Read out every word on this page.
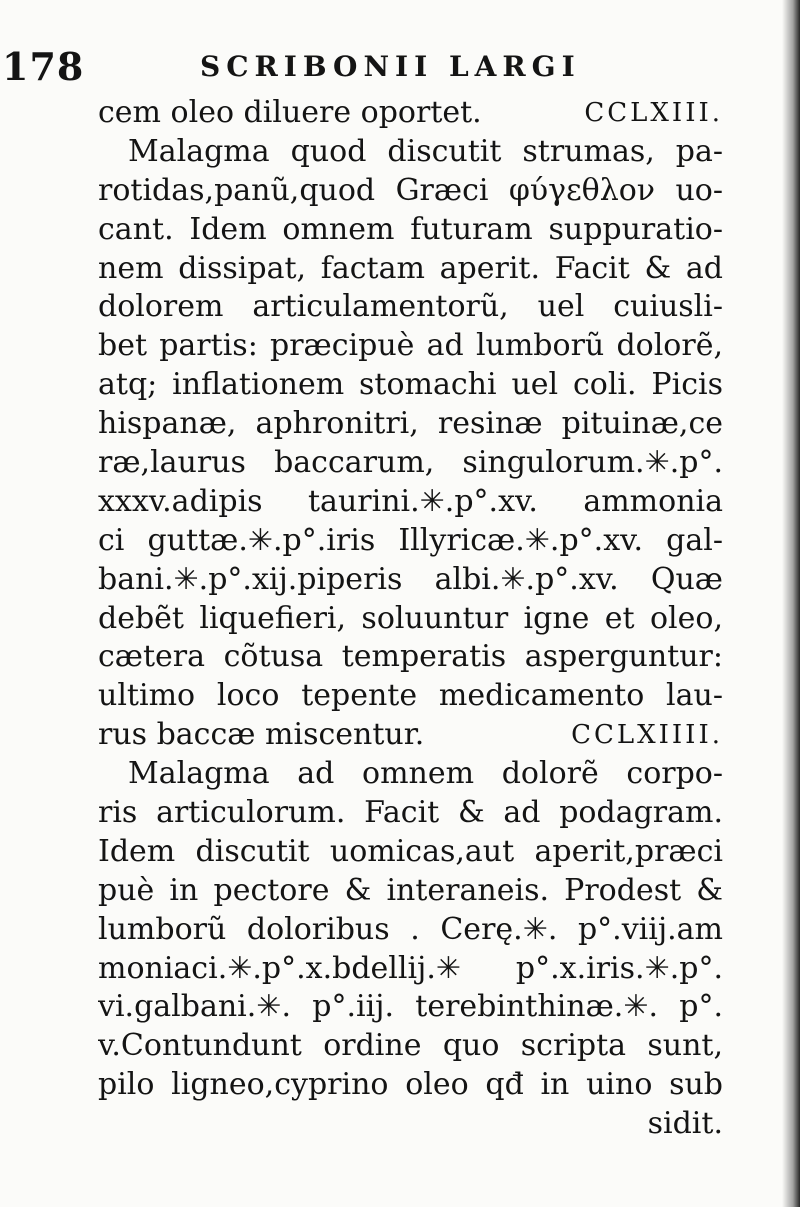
178	SCRIBONII LARGI
cem oleo diluere oportet.	CCLXIII.
Malagma quod discutit strumas, pa-
rotidas,panũ,quod Græci φύγεθλον uo-
cant. Idem omnem futuram suppuratio-
nem dissipat, factam aperit. Facit & ad
dolorem articulamentorũ, uel cuiusli-
bet partis: præcipuè ad lumborũ dolorẽ,
atq; inflationem stomachi uel coli. Picis
hispanæ, aphronitri, resinæ pituinæ,ce
ræ,laurus baccarum, singulorum.✳.p°.
xxxv.adipis taurini.✳.p°.xv. ammonia
ci guttæ.✳.p°.iris Illyricæ.✳.p°.xv. gal-
bani.✳.p°.xij.piperis albi.✳.p°.xv. Quæ
debẽt liquefieri, soluuntur igne et oleo,
cætera cõtusa temperatis asperguntur:
ultimo loco tepente medicamento lau-
rus baccæ miscentur.	CCLXIIII.
Malagma ad omnem dolorẽ corpo-
ris articulorum. Facit & ad podagram.
Idem discutit uomicas,aut aperit,præci
puè in pectore & interaneis. Prodest &
lumborũ doloribus . Cerę.✳. p°.viij.am
moniaci.✳.p°.x.bdellij.✳ p°.x.iris.✳.p°.
vi.galbani.✳. p°.iij. terebinthinæ.✳. p°.
v.Contundunt ordine quo scripta sunt,
pilo ligneo,cyprino oleo qđ in uino sub
sidit.
